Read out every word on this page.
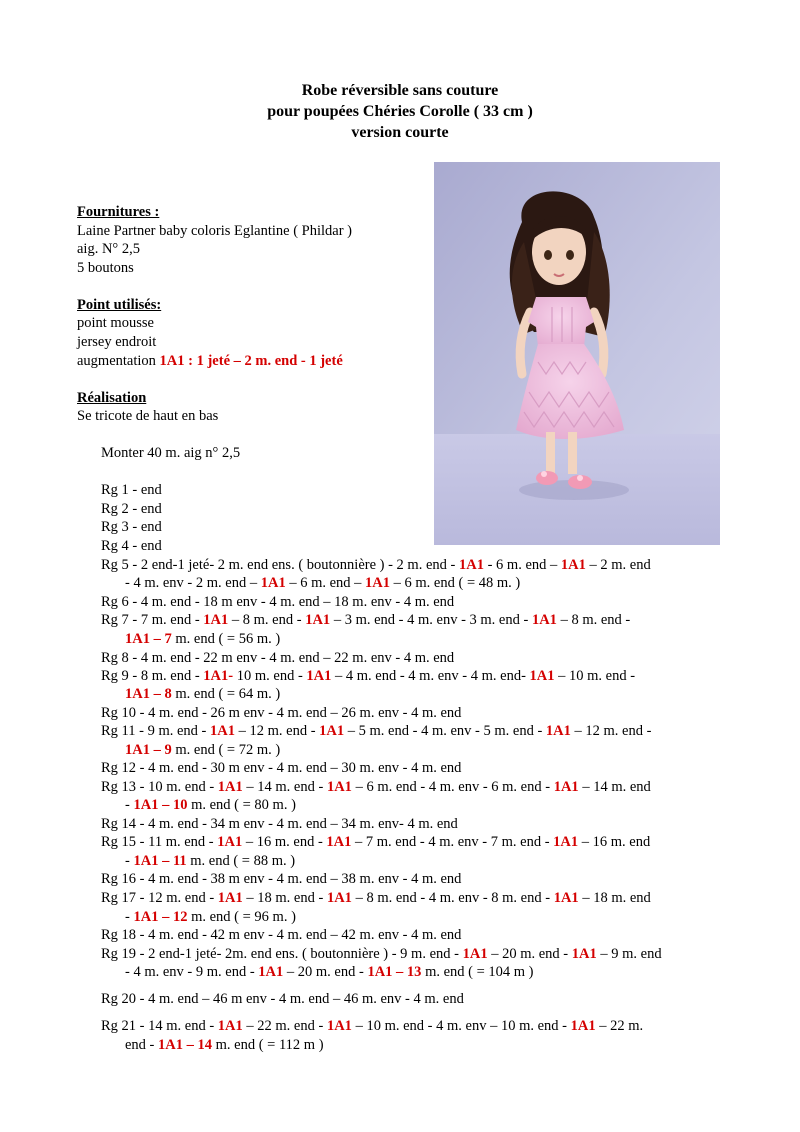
Robe réversible sans couture
pour poupées Chéries Corolle ( 33 cm )
version courte
Fournitures :
Laine Partner baby coloris Eglantine ( Phildar )
aig. N° 2,5
5 boutons
Point utilisés:
point mousse
jersey endroit
augmentation 1A1 : 1 jeté – 2 m. end - 1 jeté
Réalisation
Se tricote de haut en bas
Monter 40 m. aig n° 2,5
Rg 1 - end
Rg 2 - end
Rg 3 - end
Rg 4 - end
Rg 5 - 2 end-1 jeté- 2 m. end ens. ( boutonnière ) - 2 m. end - 1A1 - 6 m. end – 1A1 – 2 m. end
- 4 m. env - 2 m. end – 1A1 – 6 m. end – 1A1 – 6 m. end ( = 48 m. )
Rg 6 - 4 m. end - 18 m env - 4 m. end – 18 m. env - 4 m. end
Rg 7 - 7 m. end - 1A1 – 8 m. end - 1A1 – 3 m. end - 4 m. env - 3 m. end - 1A1 – 8 m. end -
1A1 – 7 m. end ( = 56 m. )
Rg 8 - 4 m. end - 22 m env - 4 m. end – 22 m. env - 4 m. end
Rg 9 - 8 m. end - 1A1- 10 m. end - 1A1 – 4 m. end - 4 m. env - 4 m. end- 1A1 – 10 m. end -
1A1 – 8 m. end ( = 64 m. )
Rg 10 - 4 m. end - 26 m env - 4 m. end – 26 m. env - 4 m. end
Rg 11 - 9 m. end - 1A1 – 12 m. end - 1A1 – 5 m. end - 4 m. env - 5 m. end - 1A1 – 12 m. end -
1A1 – 9 m. end ( = 72 m. )
Rg 12 - 4 m. end - 30 m env - 4 m. end – 30 m. env - 4 m. end
Rg 13 - 10 m. end - 1A1 – 14 m. end - 1A1 – 6 m. end - 4 m. env - 6 m. end - 1A1 – 14 m. end
- 1A1 – 10 m. end ( = 80 m. )
Rg 14 - 4 m. end - 34 m env - 4 m. end – 34 m. env- 4 m. end
Rg 15 - 11 m. end - 1A1 – 16 m. end - 1A1 – 7 m. end - 4 m. env - 7 m. end - 1A1 – 16 m. end
- 1A1 – 11 m. end ( = 88 m. )
Rg 16 - 4 m. end - 38 m env - 4 m. end – 38 m. env - 4 m. end
Rg 17 - 12 m. end - 1A1 – 18 m. end - 1A1 – 8 m. end - 4 m. env - 8 m. end - 1A1 – 18 m. end
- 1A1 – 12 m. end ( = 96 m. )
Rg 18 - 4 m. end - 42 m env - 4 m. end – 42 m. env - 4 m. end
Rg 19 - 2 end-1 jeté- 2m. end ens. ( boutonnière ) - 9 m. end - 1A1 – 20 m. end - 1A1 – 9 m. end
- 4 m. env - 9 m. end - 1A1 – 20 m. end - 1A1 – 13 m. end ( = 104 m )
Rg 20 - 4 m. end – 46 m env - 4 m. end – 46 m. env - 4 m. end
Rg 21 - 14 m. end - 1A1 – 22 m. end - 1A1 – 10 m. end - 4 m. env – 10 m. end - 1A1 – 22 m.
end - 1A1 – 14 m. end ( = 112 m )
